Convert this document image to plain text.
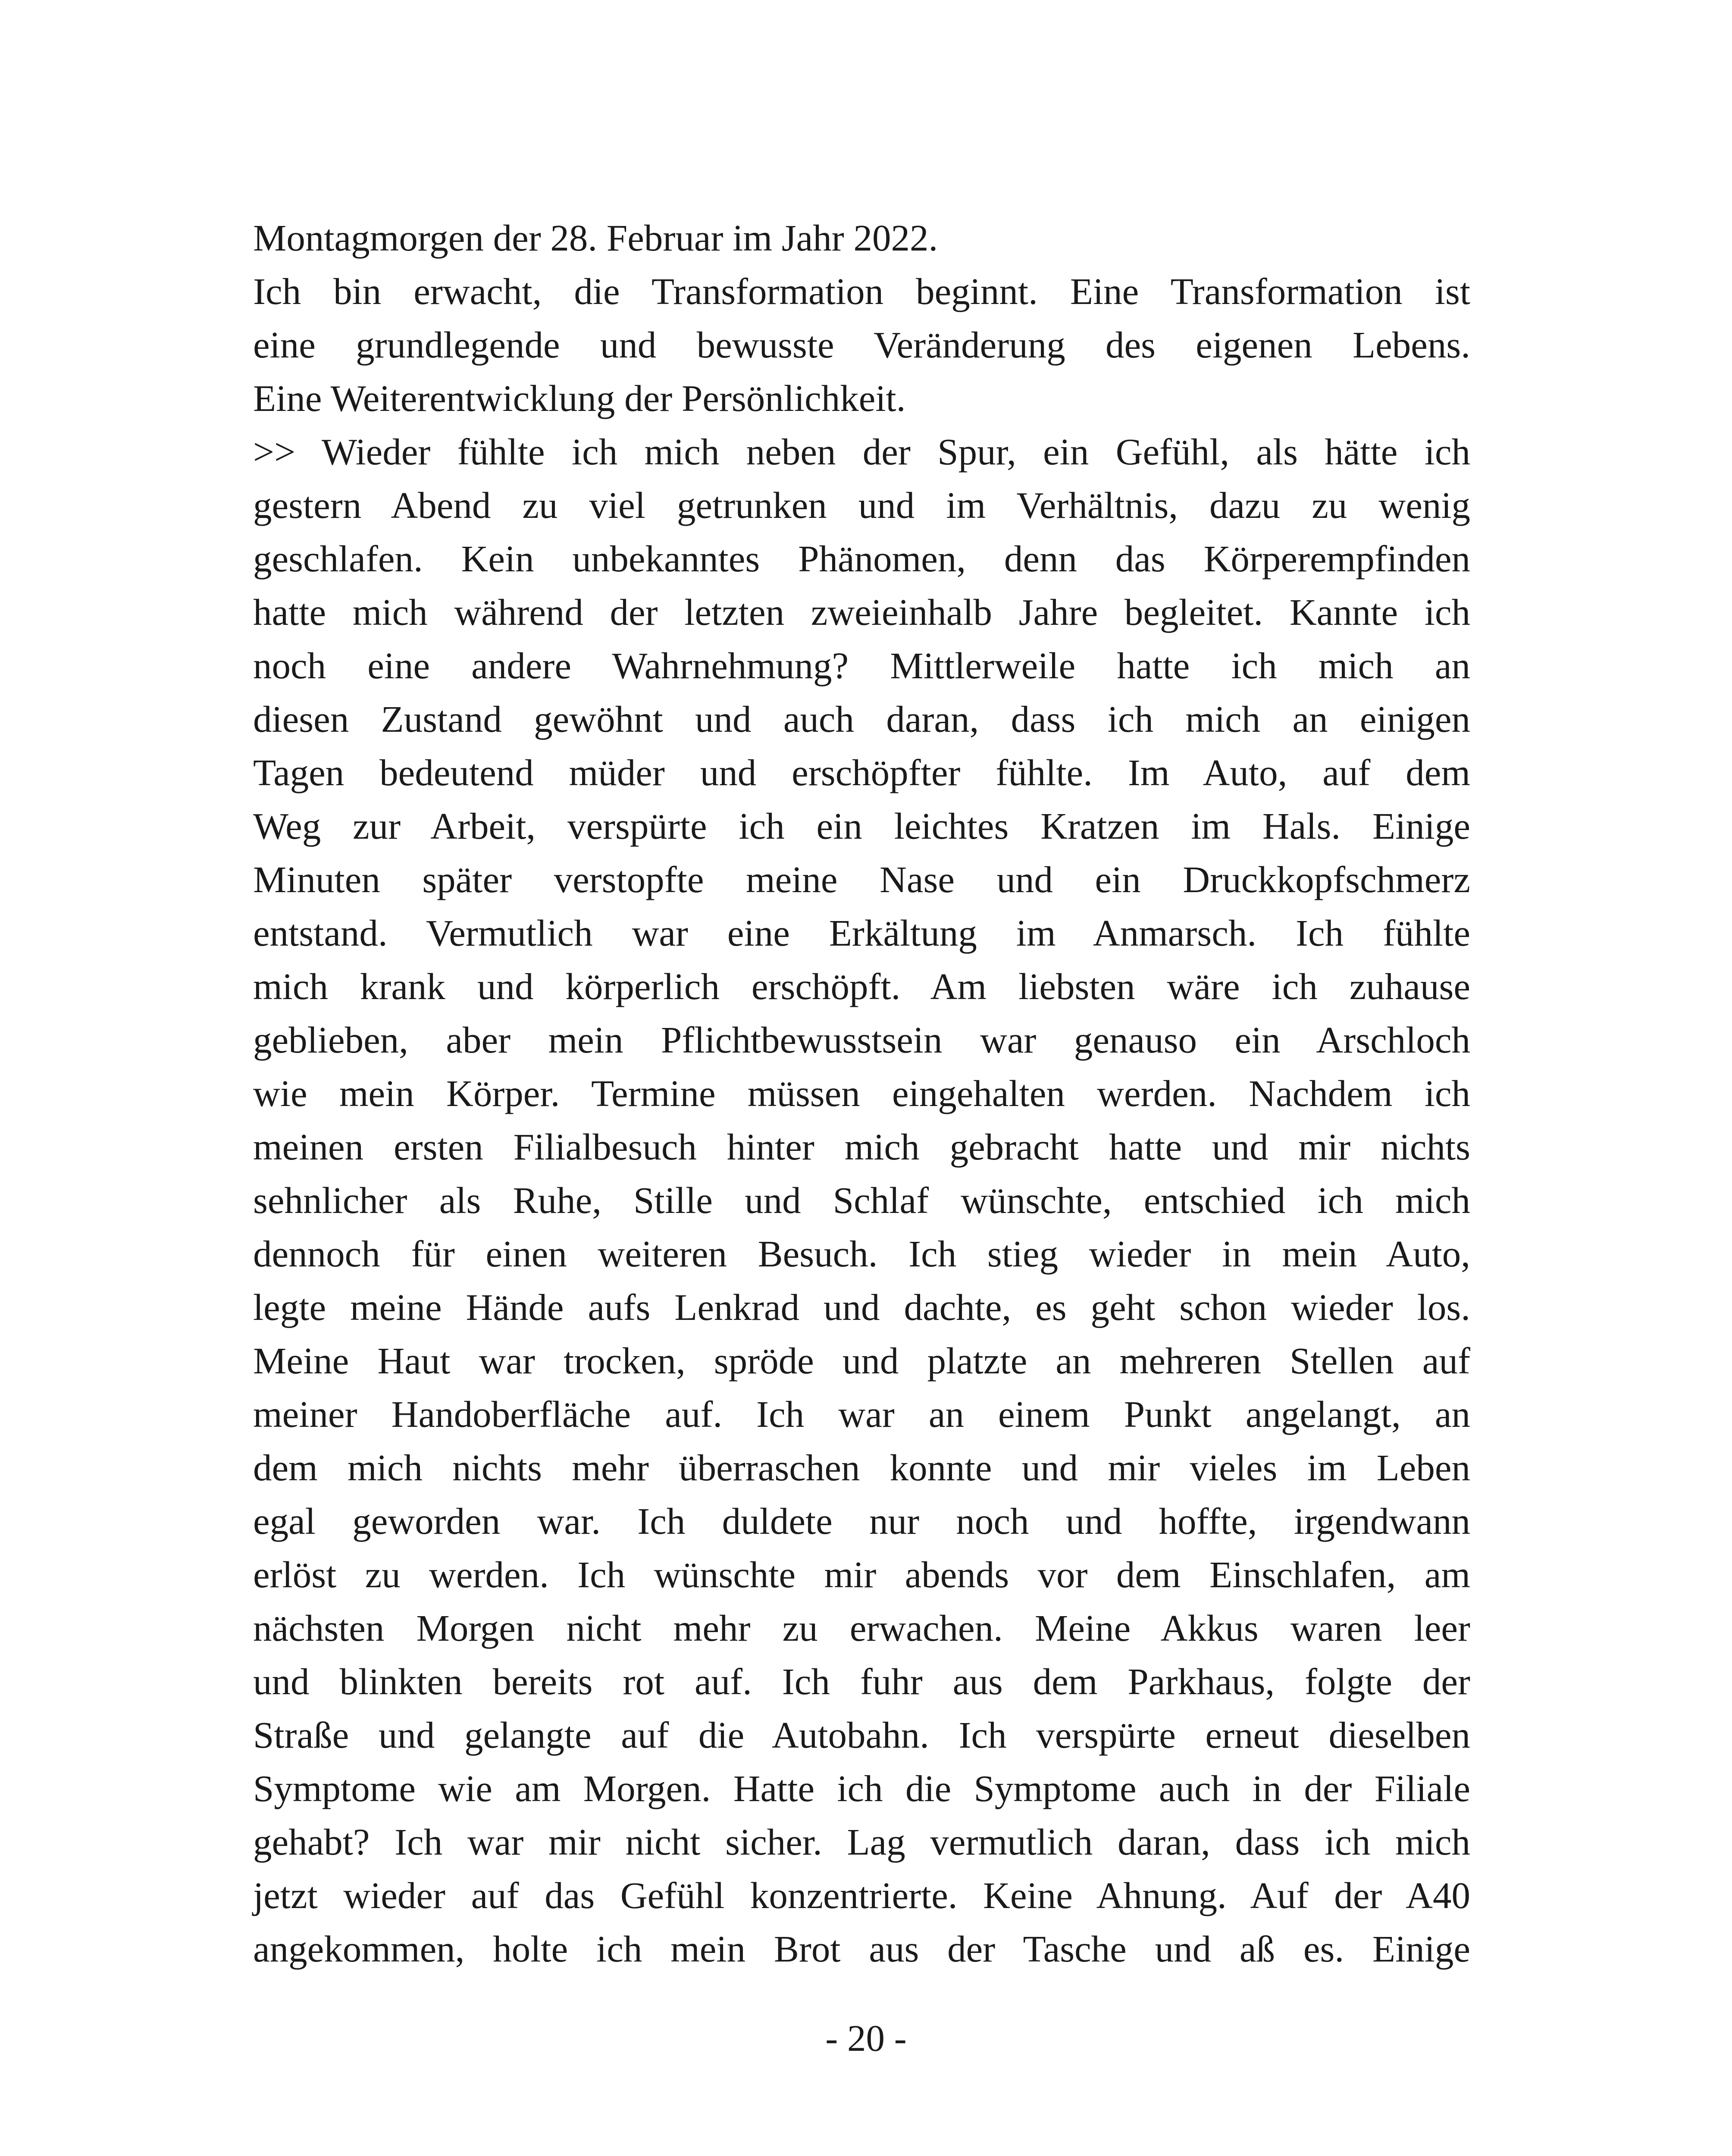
Montagmorgen der 28. Februar im Jahr 2022.
Ich bin erwacht, die Transformation beginnt. Eine Transformation ist
eine grundlegende und bewusste Veränderung des eigenen Lebens.
Eine Weiterentwicklung der Persönlichkeit.
>> Wieder fühlte ich mich neben der Spur, ein Gefühl, als hätte ich
gestern Abend zu viel getrunken und im Verhältnis, dazu zu wenig
geschlafen. Kein unbekanntes Phänomen, denn das Körperempfinden
hatte mich während der letzten zweieinhalb Jahre begleitet. Kannte ich
noch eine andere Wahrnehmung? Mittlerweile hatte ich mich an
diesen Zustand gewöhnt und auch daran, dass ich mich an einigen
Tagen bedeutend müder und erschöpfter fühlte. Im Auto, auf dem
Weg zur Arbeit, verspürte ich ein leichtes Kratzen im Hals. Einige
Minuten später verstopfte meine Nase und ein Druckkopfschmerz
entstand. Vermutlich war eine Erkältung im Anmarsch. Ich fühlte
mich krank und körperlich erschöpft. Am liebsten wäre ich zuhause
geblieben, aber mein Pflichtbewusstsein war genauso ein Arschloch
wie mein Körper. Termine müssen eingehalten werden. Nachdem ich
meinen ersten Filialbesuch hinter mich gebracht hatte und mir nichts
sehnlicher als Ruhe, Stille und Schlaf wünschte, entschied ich mich
dennoch für einen weiteren Besuch. Ich stieg wieder in mein Auto,
legte meine Hände aufs Lenkrad und dachte, es geht schon wieder los.
Meine Haut war trocken, spröde und platzte an mehreren Stellen auf
meiner Handoberfläche auf. Ich war an einem Punkt angelangt, an
dem mich nichts mehr überraschen konnte und mir vieles im Leben
egal geworden war. Ich duldete nur noch und hoffte, irgendwann
erlöst zu werden. Ich wünschte mir abends vor dem Einschlafen, am
nächsten Morgen nicht mehr zu erwachen. Meine Akkus waren leer
und blinkten bereits rot auf. Ich fuhr aus dem Parkhaus, folgte der
Straße und gelangte auf die Autobahn. Ich verspürte erneut dieselben
Symptome wie am Morgen. Hatte ich die Symptome auch in der Filiale
gehabt? Ich war mir nicht sicher. Lag vermutlich daran, dass ich mich
jetzt wieder auf das Gefühl konzentrierte. Keine Ahnung. Auf der A40
angekommen, holte ich mein Brot aus der Tasche und aß es. Einige
- 20 -
